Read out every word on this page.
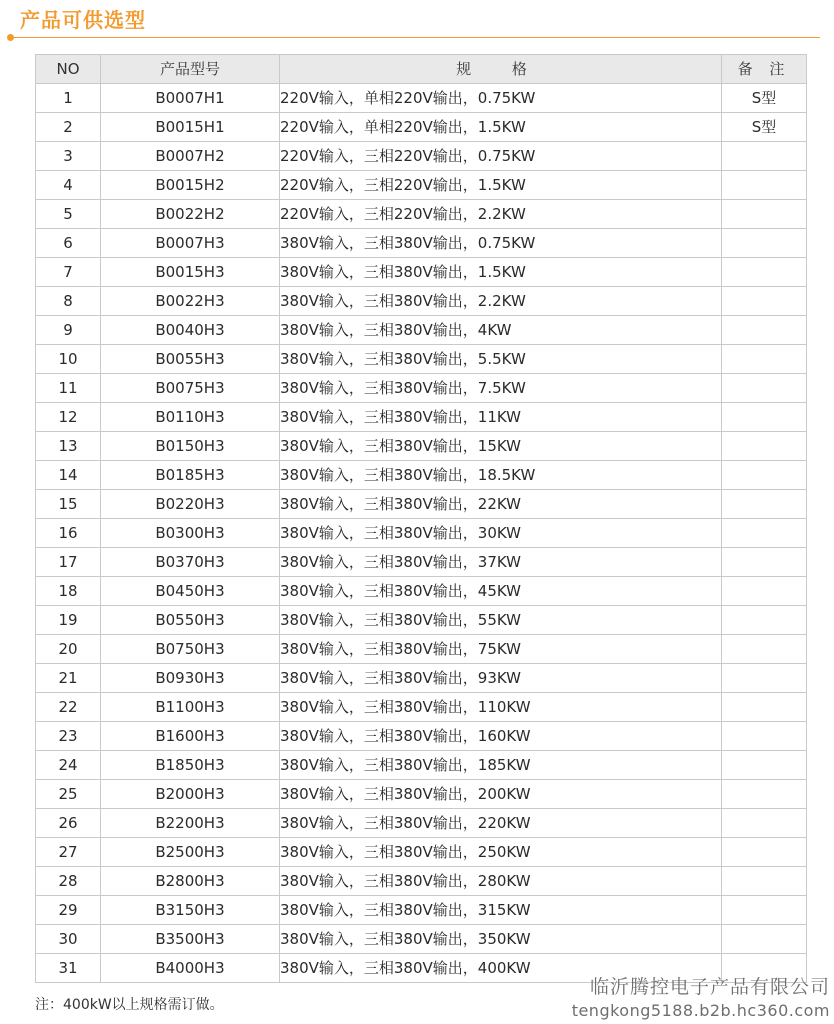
产品可供选型
NO	产品型号	规 格	备 注
1	B0007H1	220V输入，单相220V输出，0.75KW	S型
2	B0015H1	220V输入，单相220V输出，1.5KW	S型
3	B0007H2	220V输入，三相220V输出，0.75KW	
4	B0015H2	220V输入，三相220V输出，1.5KW	
5	B0022H2	220V输入，三相220V输出，2.2KW	
6	B0007H3	380V输入，三相380V输出，0.75KW	
7	B0015H3	380V输入，三相380V输出，1.5KW	
8	B0022H3	380V输入，三相380V输出，2.2KW	
9	B0040H3	380V输入，三相380V输出，4KW	
10	B0055H3	380V输入，三相380V输出，5.5KW	
11	B0075H3	380V输入，三相380V输出，7.5KW	
12	B0110H3	380V输入，三相380V输出，11KW	
13	B0150H3	380V输入，三相380V输出，15KW	
14	B0185H3	380V输入，三相380V输出，18.5KW	
15	B0220H3	380V输入，三相380V输出，22KW	
16	B0300H3	380V输入，三相380V输出，30KW	
17	B0370H3	380V输入，三相380V输出，37KW	
18	B0450H3	380V输入，三相380V输出，45KW	
19	B0550H3	380V输入，三相380V输出，55KW	
20	B0750H3	380V输入，三相380V输出，75KW	
21	B0930H3	380V输入，三相380V输出，93KW	
22	B1100H3	380V输入，三相380V输出，110KW	
23	B1600H3	380V输入，三相380V输出，160KW	
24	B1850H3	380V输入，三相380V输出，185KW	
25	B2000H3	380V输入，三相380V输出，200KW	
26	B2200H3	380V输入，三相380V输出，220KW	
27	B2500H3	380V输入，三相380V输出，250KW	
28	B2800H3	380V输入，三相380V输出，280KW	
29	B3150H3	380V输入，三相380V输出，315KW	
30	B3500H3	380V输入，三相380V输出，350KW	
31	B4000H3	380V输入，三相380V输出，400KW	
注：400kW以上规格需订做。
临沂腾控电子产品有限公司
tengkong5188.b2b.hc360.com
